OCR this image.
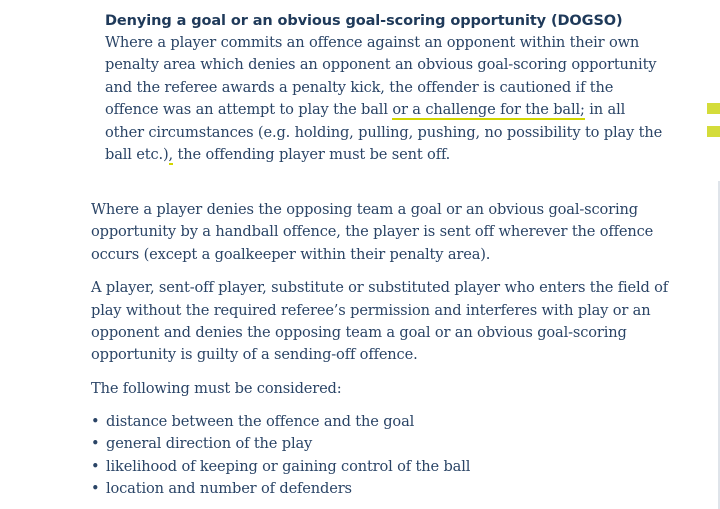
Denying a goal or an obvious goal-scoring opportunity (DOGSO)

Where a player commits an offence against an opponent within their own penalty area which denies an opponent an obvious goal-scoring opportunity and the referee awards a penalty kick, the offender is cautioned if the offence was an attempt to play the ball or a challenge for the ball; in all other circumstances (e.g. holding, pulling, pushing, no possibility to play the ball etc.), the offending player must be sent off.

Where a player denies the opposing team a goal or an obvious goal-scoring opportunity by a handball offence, the player is sent off wherever the offence occurs (except a goalkeeper within their penalty area).

A player, sent-off player, substitute or substituted player who enters the field of play without the required referee’s permission and interferes with play or an opponent and denies the opposing team a goal or an obvious goal-scoring opportunity is guilty of a sending-off offence.

The following must be considered:

• distance between the offence and the goal
• general direction of the play
• likelihood of keeping or gaining control of the ball
• location and number of defenders
